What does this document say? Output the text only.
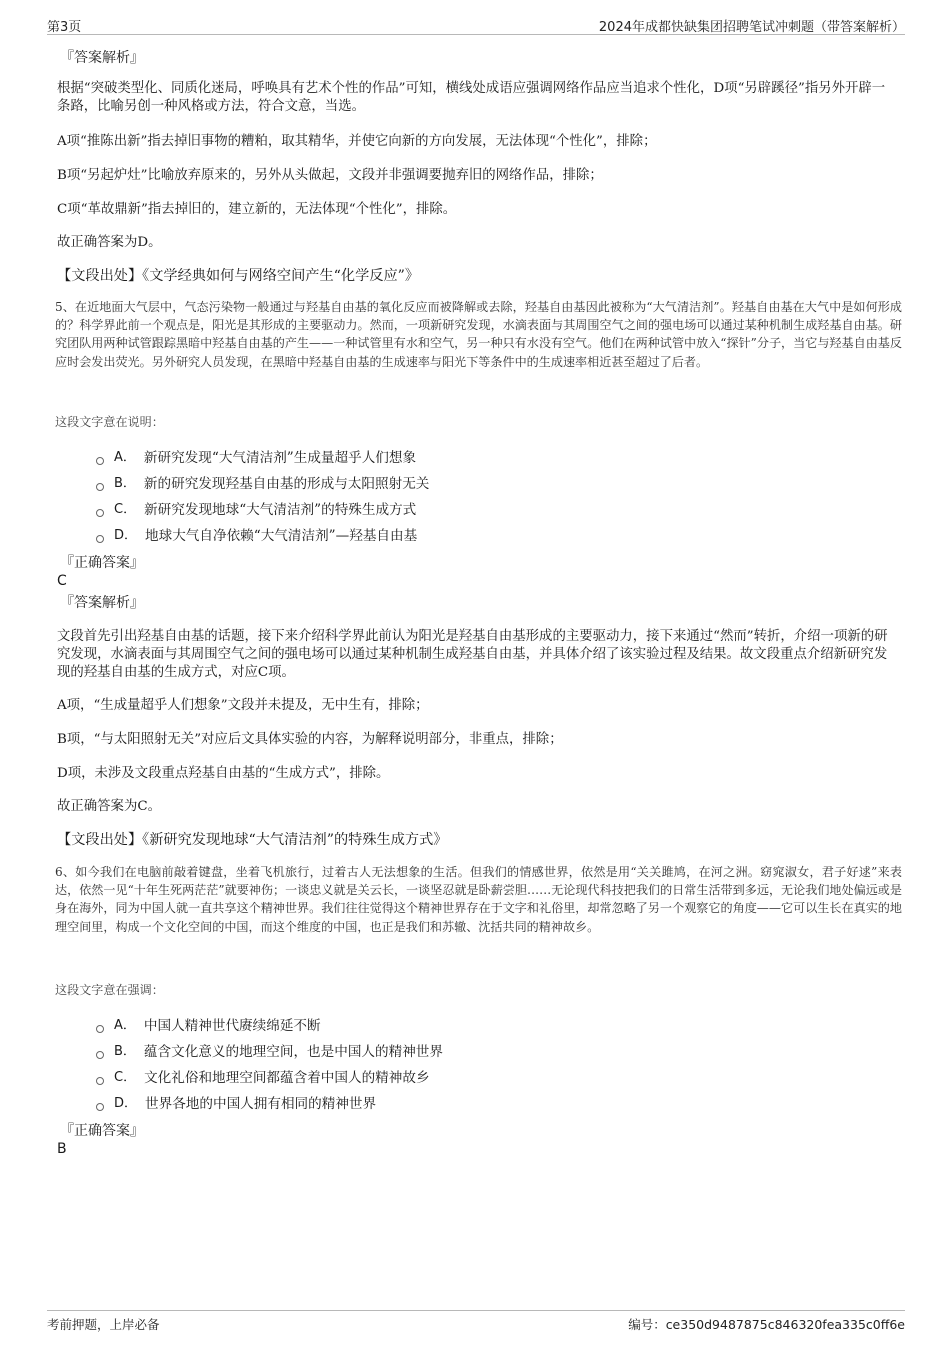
第3页	2024年成都快缺集团招聘笔试冲刺题（带答案解析）
『答案解析』
根据“突破类型化、同质化迷局，呼唤具有艺术个性的作品”可知，横线处成语应强调网络作品应当追求个性化，D项“另辟蹊径”指另外开辟一条路，比喻另创一种风格或方法，符合文意，当选。
A项“推陈出新”指去掉旧事物的糟粕，取其精华，并使它向新的方向发展，无法体现“个性化”，排除；
B项“另起炉灶”比喻放弃原来的，另外从头做起，文段并非强调要抛弃旧的网络作品，排除；
C项“革故鼎新”指去掉旧的，建立新的，无法体现“个性化”，排除。
故正确答案为D。
【文段出处】《文学经典如何与网络空间产生“化学反应”》
5、在近地面大气层中，气态污染物一般通过与羟基自由基的氧化反应而被降解或去除，羟基自由基因此被称为“大气清洁剂”。羟基自由基在大气中是如何形成的？科学界此前一个观点是，阳光是其形成的主要驱动力。然而，一项新研究发现，水滴表面与其周围空气之间的强电场可以通过某种机制生成羟基自由基。研究团队用两种试管跟踪黑暗中羟基自由基的产生——一种试管里有水和空气，另一种只有水没有空气。他们在两种试管中放入“探针”分子，当它与羟基自由基反应时会发出荧光。另外研究人员发现，在黑暗中羟基自由基的生成速率与阳光下等条件中的生成速率相近甚至超过了后者。
这段文字意在说明：
A． 新研究发现“大气清洁剂”生成量超乎人们想象
B． 新的研究发现羟基自由基的形成与太阳照射无关
C． 新研究发现地球“大气清洁剂”的特殊生成方式
D． 地球大气自净依赖“大气清洁剂”—羟基自由基
『正确答案』
C
『答案解析』
文段首先引出羟基自由基的话题，接下来介绍科学界此前认为阳光是羟基自由基形成的主要驱动力，接下来通过“然而”转折，介绍一项新的研究发现，水滴表面与其周围空气之间的强电场可以通过某种机制生成羟基自由基，并具体介绍了该实验过程及结果。故文段重点介绍新研究发现的羟基自由基的生成方式，对应C项。
A项，“生成量超乎人们想象”文段并未提及，无中生有，排除；
B项，“与太阳照射无关”对应后文具体实验的内容，为解释说明部分，非重点，排除；
D项，未涉及文段重点羟基自由基的“生成方式”，排除。
故正确答案为C。
【文段出处】《新研究发现地球“大气清洁剂”的特殊生成方式》
6、如今我们在电脑前敲着键盘，坐着飞机旅行，过着古人无法想象的生活。但我们的情感世界，依然是用“关关雎鸠，在河之洲。窈窕淑女，君子好逑”来表达，依然一见“十年生死两茫茫”就要神伤；一谈忠义就是关云长，一谈坚忍就是卧薪尝胆……无论现代科技把我们的日常生活带到多远，无论我们地处偏远或是身在海外，同为中国人就一直共享这个精神世界。我们往往觉得这个精神世界存在于文字和礼俗里，却常忽略了另一个观察它的角度——它可以生长在真实的地理空间里，构成一个文化空间的中国，而这个维度的中国，也正是我们和苏辙、沈括共同的精神故乡。
这段文字意在强调：
A． 中国人精神世代赓续绵延不断
B． 蕴含文化意义的地理空间，也是中国人的精神世界
C． 文化礼俗和地理空间都蕴含着中国人的精神故乡
D． 世界各地的中国人拥有相同的精神世界
『正确答案』
B
考前押题，上岸必备	编号：ce350d9487875c846320fea335c0ff6e
